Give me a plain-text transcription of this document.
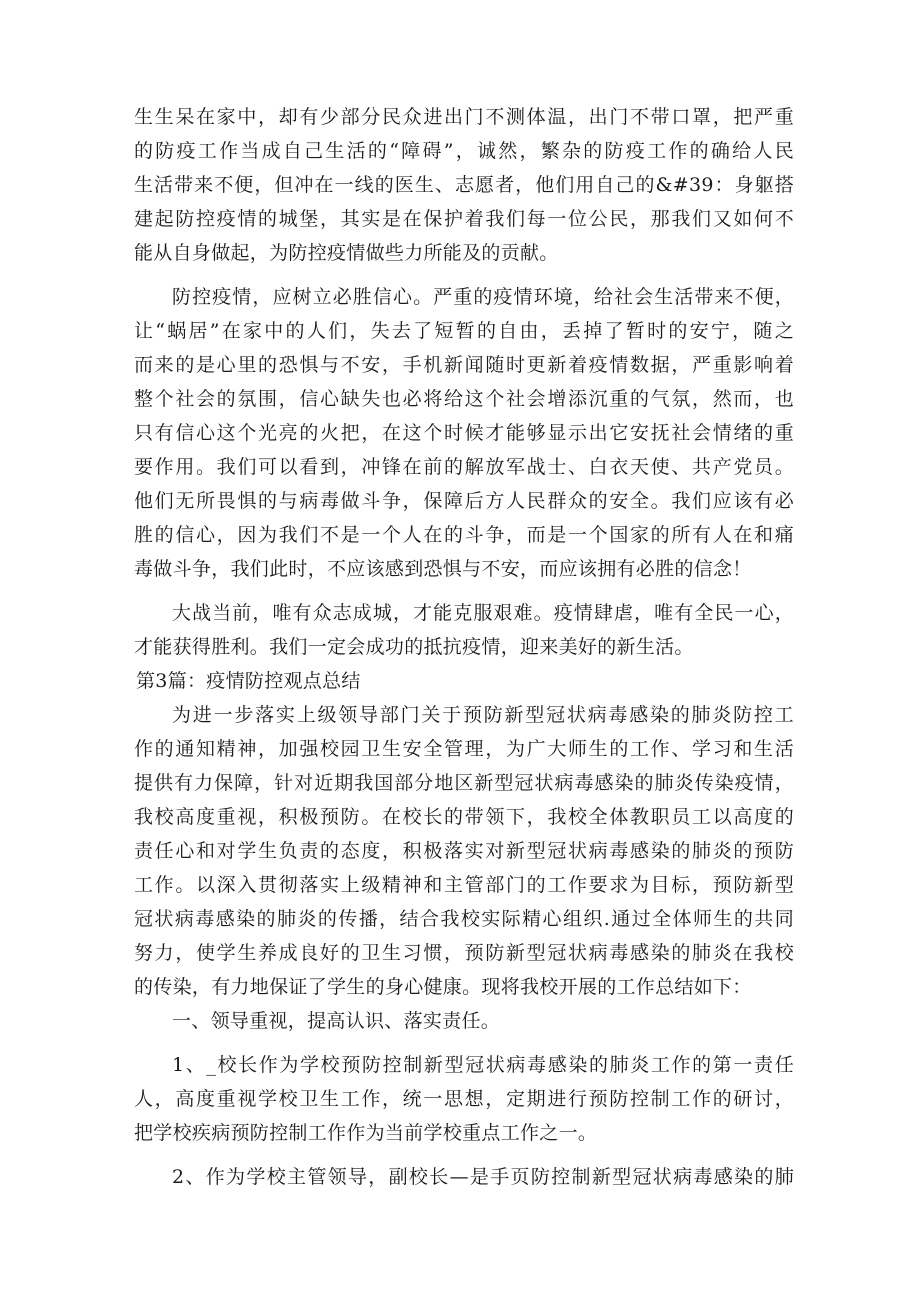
生生呆在家中，却有少部分民众进出门不测体温，出门不带口罩，把严重
的防疫工作当成自己生活的“障碍”，诚然，繁杂的防疫工作的确给人民
生活带来不便，但冲在一线的医生、志愿者，他们用自己的&#39：身躯搭
建起防控疫情的城堡，其实是在保护着我们每一位公民，那我们又如何不
能从自身做起，为防控疫情做些力所能及的贡献。
防控疫情，应树立必胜信心。严重的疫情环境，给社会生活带来不便，
让“蜗居”在家中的人们，失去了短暂的自由，丢掉了暂时的安宁，随之
而来的是心里的恐惧与不安，手机新闻随时更新着疫情数据，严重影响着
整个社会的氛围，信心缺失也必将给这个社会增添沉重的气氛，然而，也
只有信心这个光亮的火把，在这个时候才能够显示出它安抚社会情绪的重
要作用。我们可以看到，冲锋在前的解放军战士、白衣天使、共产党员。
他们无所畏惧的与病毒做斗争，保障后方人民群众的安全。我们应该有必
胜的信心，因为我们不是一个人在的斗争，而是一个国家的所有人在和痛
毒做斗争，我们此时，不应该感到恐惧与不安，而应该拥有必胜的信念！
大战当前，唯有众志成城，才能克服艰难。疫情肆虐，唯有全民一心，
才能获得胜利。我们一定会成功的抵抗疫情，迎来美好的新生活。
第3篇：疫情防控观点总结
为进一步落实上级领导部门关于预防新型冠状病毒感染的肺炎防控工
作的通知精神，加强校园卫生安全管理，为广大师生的工作、学习和生活
提供有力保障，针对近期我国部分地区新型冠状病毒感染的肺炎传染疫情，
我校高度重视，积极预防。在校长的带领下，我校全体教职员工以高度的
责任心和对学生负责的态度，积极落实对新型冠状病毒感染的肺炎的预防
工作。以深入贯彻落实上级精神和主管部门的工作要求为目标，预防新型
冠状病毒感染的肺炎的传播，结合我校实际精心组织.通过全体师生的共同
努力，使学生养成良好的卫生习惯，预防新型冠状病毒感染的肺炎在我校
的传染，有力地保证了学生的身心健康。现将我校开展的工作总结如下：
一、领导重视，提高认识、落实责任。
1、_校长作为学校预防控制新型冠状病毒感染的肺炎工作的第一责任
人，高度重视学校卫生工作，统一思想，定期进行预防控制工作的研讨，
把学校疾病预防控制工作作为当前学校重点工作之一。
2、作为学校主管领导，副校长—是手页防控制新型冠状病毒感染的肺
